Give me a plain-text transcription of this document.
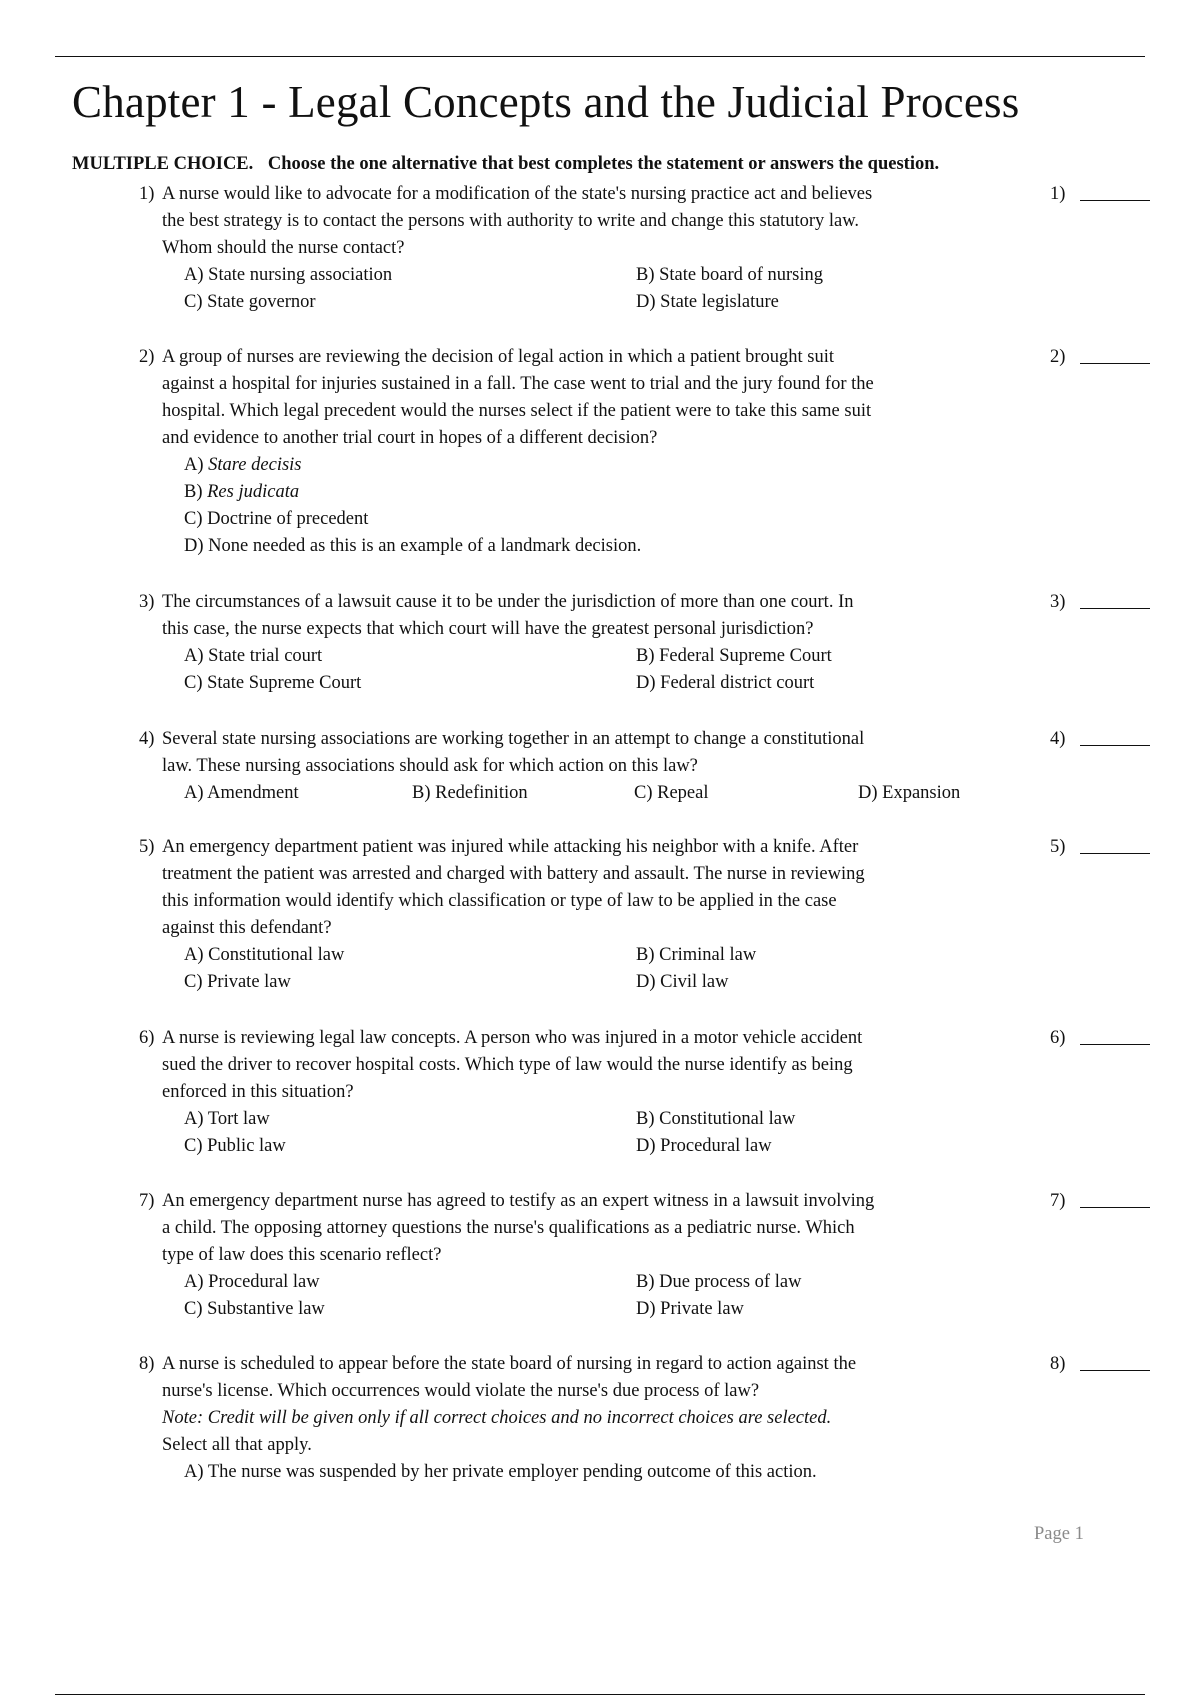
Chapter 1 - Legal Concepts and the Judicial Process
MULTIPLE CHOICE. Choose the one alternative that best completes the statement or answers the question.
1) A nurse would like to advocate for a modification of the state's nursing practice act and believes
the best strategy is to contact the persons with authority to write and change this statutory law.
Whom should the nurse contact?
1)
A) State nursing association	B) State board of nursing
C) State governor	D) State legislature
2) A group of nurses are reviewing the decision of legal action in which a patient brought suit
against a hospital for injuries sustained in a fall. The case went to trial and the jury found for the
hospital. Which legal precedent would the nurses select if the patient were to take this same suit
and evidence to another trial court in hopes of a different decision?
2)
A) Stare decisis
B) Res judicata
C) Doctrine of precedent
D) None needed as this is an example of a landmark decision.
3) The circumstances of a lawsuit cause it to be under the jurisdiction of more than one court. In
this case, the nurse expects that which court will have the greatest personal jurisdiction?
3)
A) State trial court	B) Federal Supreme Court
C) State Supreme Court	D) Federal district court
4) Several state nursing associations are working together in an attempt to change a constitutional
law. These nursing associations should ask for which action on this law?
4)
A) Amendment	B) Redefinition	C) Repeal	D) Expansion
5) An emergency department patient was injured while attacking his neighbor with a knife. After
treatment the patient was arrested and charged with battery and assault. The nurse in reviewing
this information would identify which classification or type of law to be applied in the case
against this defendant?
5)
A) Constitutional law	B) Criminal law
C) Private law	D) Civil law
6) A nurse is reviewing legal law concepts. A person who was injured in a motor vehicle accident
sued the driver to recover hospital costs. Which type of law would the nurse identify as being
enforced in this situation?
6)
A) Tort law	B) Constitutional law
C) Public law	D) Procedural law
7) An emergency department nurse has agreed to testify as an expert witness in a lawsuit involving
a child. The opposing attorney questions the nurse's qualifications as a pediatric nurse. Which
type of law does this scenario reflect?
7)
A) Procedural law	B) Due process of law
C) Substantive law	D) Private law
8) A nurse is scheduled to appear before the state board of nursing in regard to action against the
nurse's license. Which occurrences would violate the nurse's due process of law?
8)
Note: Credit will be given only if all correct choices and no incorrect choices are selected.
Select all that apply.
A) The nurse was suspended by her private employer pending outcome of this action.
Page 1
